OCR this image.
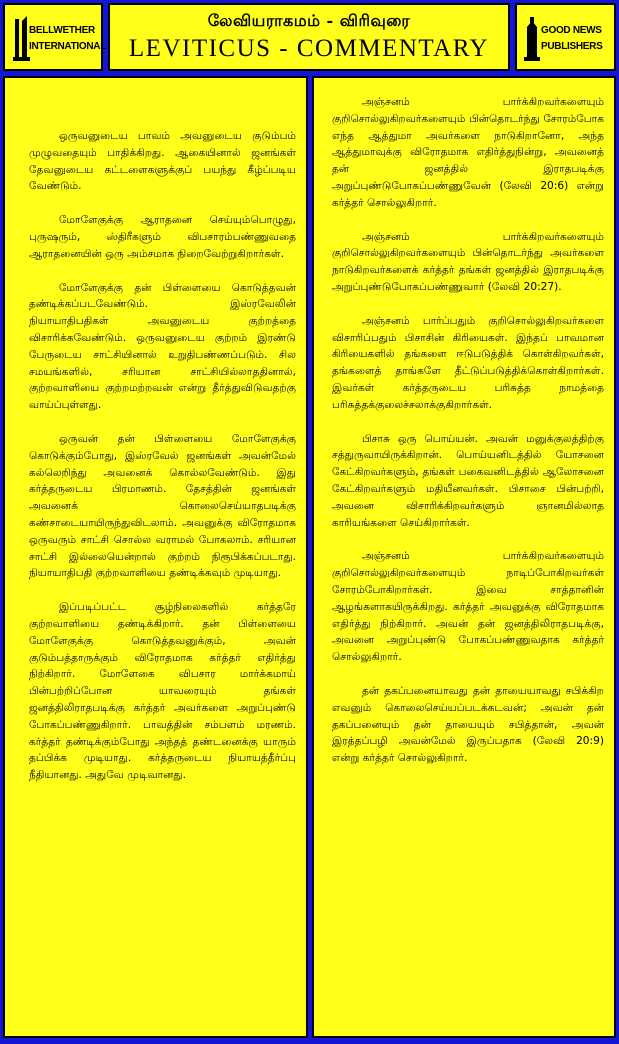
BELLWETHER
INTERNATIONAL
லேவியராகமம் - விரிவுரை
LEVITICUS - COMMENTARY
GOOD NEWS
PUBLISHERS

ஒருவனுடைய பாவம் அவனுடைய குடும்பம் முழுவதையும் பாதிக்கிறது. ஆகையினால் ஜனங்கள் தேவனுடைய கட்டளைகளுக்குப் பயந்து கீழ்ப்படிய வேண்டும்.

மோளேகுக்கு ஆராதனை செய்யும்பொழுது, புருஷரும், ஸ்திரீகளும் விபசாரம்பண்ணுவதை ஆராதனையின் ஒரு அம்சமாக நிறைவேற்றுகிறார்கள்.

மோளேகுக்கு தன் பிள்ளையை கொடுத்தவன் தண்டிக்கப்படவேண்டும். இஸ்ரவேலின் நியாயாதிபதிகள் அவனுடைய குற்றத்தை விசாரிக்கவேண்டும். ஒருவனுடைய குற்றம் இரண்டு பேருடைய சாட்சியினால் உறுதிபண்ணப்படும். சில சமயங்களில், சரியான சாட்சியில்லாததினால், குற்றவாளியை குற்றமற்றவன் என்று தீர்த்துவிடுவதற்கு வாய்ப்புள்ளது.

ஒருவன் தன் பிள்ளையை மோளேகுக்கு கொடுக்கும்போது, இஸ்ரவேல் ஜனங்கள் அவன்மேல் கல்லெறிந்து அவனைக் கொல்லவேண்டும். இது கர்த்தருடைய பிரமாணம். தேசத்தின் ஜனங்கள் அவனைக் கொலைசெய்யாதபடிக்கு கண்சாடையாயிருந்துவிடலாம். அவனுக்கு விரோதமாக ஒருவரும் சாட்சி சொல்ல வராமல் போகலாம். சரியான சாட்சி இல்லையென்றால் குற்றம் நிரூபிக்கப்படாது. நியாயாதிபதி குற்றவாளியை தண்டிக்கவும் முடியாது.

இப்படிப்பட்ட சூழ்நிலைகளில் கர்த்தரே குற்றவாளியை தண்டிக்கிறார். தன் பிள்ளையை மோளேகுக்கு கொடுத்தவனுக்கும், அவன் குடும்பத்தாருக்கும் விரோதமாக கர்த்தர் எதிர்த்து நிற்கிறார். மோளேகை விபசார மார்க்கமாய் பின்பற்றிப்போன யாவரையும் தங்கள் ஜனத்திலிராதபடிக்கு கர்த்தர் அவர்களை அறுப்புண்டு போகப்பண்ணுகிறார். பாவத்தின் சம்பளம் மரணம். கர்த்தர் தண்டிக்கும்போது அந்தத் தண்டனைக்கு யாரும் தப்பிக்க முடியாது. கர்த்தருடைய நியாயத்தீர்ப்பு நீதியானது. அதுவே முடிவானது.

அஞ்சனம் பார்க்கிறவர்களையும் குறிசொல்லுகிறவர்களையும் பின்தொடர்ந்து சோரம்போக எந்த ஆத்துமா அவர்களை நாடுகிறானோ, அந்த ஆத்துமாவுக்கு விரோதமாக எதிர்த்துநின்று, அவனைத் தன் ஜனத்தில் இராதபடிக்கு அறுப்புண்டுபோகப்பண்ணுவேன் (லேவி 20:6) என்று கர்த்தர் சொல்லுகிறார்.

அஞ்சனம் பார்க்கிறவர்களையும் குறிசொல்லுகிறவர்களையும் பின்தொடர்ந்து அவர்களை நாடுகிறவர்களைக் கர்த்தர் தங்கள் ஜனத்தில் இராதபடிக்கு அறுப்புண்டுபோகப்பண்ணுவார் (லேவி 20:27).

அஞ்சனம் பார்ப்பதும் குறிசொல்லுகிறவர்களை விசாரிப்பதும் பிசாசின் கிரியைகள். இந்தப் பாவமான கிரியைகளில் தங்களை ஈடுபடுத்திக் கொள்கிறவர்கள், தங்களைத் தாங்களே தீட்டுப்படுத்திக்கொள்கிறார்கள். இவர்கள் கர்த்தருடைய பரிசுத்த நாமத்தை பரிசுத்தக்குலைச்சலாக்குகிறார்கள்.

பிசாசு ஒரு பொய்யன். அவன் மனுக்குலத்திற்கு சத்துருவாயிருக்கிறான். பொய்யனிடத்தில் யோசனை கேட்கிறவர்களும், தங்கள் பகைவனிடத்தில் ஆலோசனை கேட்கிறவர்களும் மதியீனவர்கள். பிசாசை பின்பற்றி, அவனை விசாரிக்கிறவர்களும் ஞானமில்லாத காரியங்களை செய்கிறார்கள்.

அஞ்சனம் பார்க்கிறவர்களையும் குறிசொல்லுகிறவர்களையும் நாடிப்போகிறவர்கள் சோரம்போகிறார்கள். இவை சாத்தானின் ஆழங்களாகயிருக்கிறது. கர்த்தர் அவனுக்கு விரோதமாக எதிர்த்து நிற்கிறார். அவன் தன் ஜனத்திலிராதபடிக்கு, அவனை அறுப்புண்டு போகப்பண்ணுவதாக கர்த்தர் சொல்லுகிறார்.

தன் தகப்பனையாவது தன் தாயையாவது சபிக்கிற எவனும் கொலைசெய்யப்படக்கடவன்; அவன் தன் தகப்பனையும் தன் தாயையும் சபித்தான், அவன் இரத்தப்பழி அவன்மேல் இருப்பதாக (லேவி 20:9) என்று கர்த்தர் சொல்லுகிறார்.
